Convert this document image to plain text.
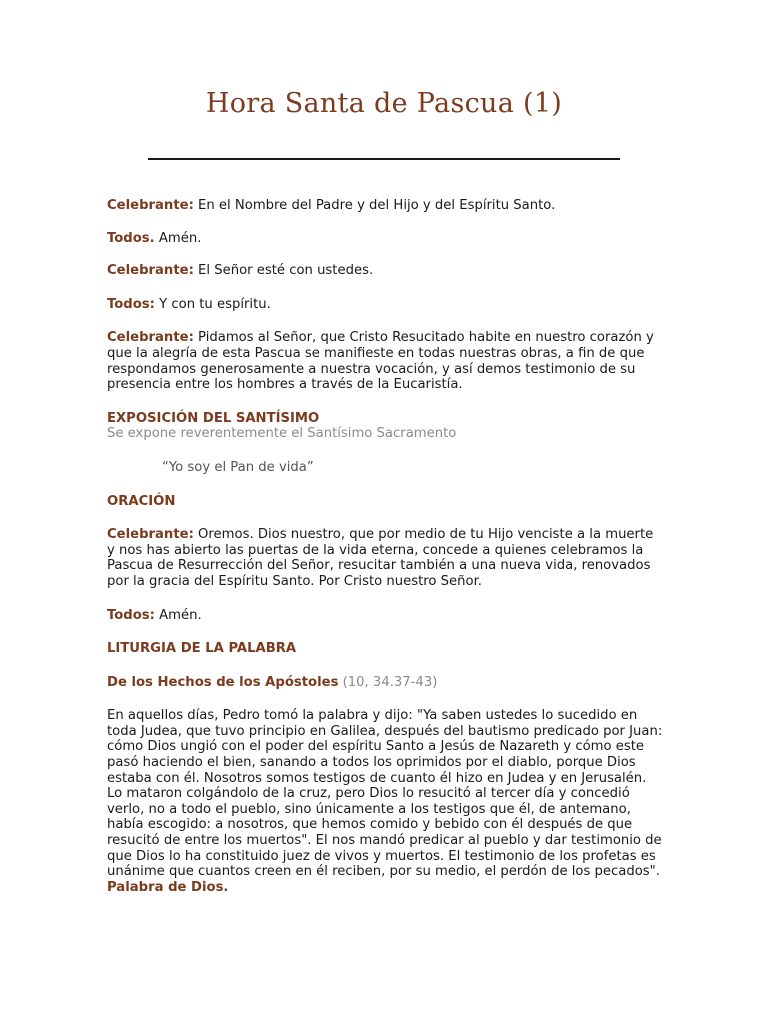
Hora Santa de Pascua (1)

Celebrante: En el Nombre del Padre y del Hijo y del Espíritu Santo.

Todos. Amén.

Celebrante: El Señor esté con ustedes.

Todos: Y con tu espíritu.

Celebrante: Pidamos al Señor, que Cristo Resucitado habite en nuestro corazón y que la alegría de esta Pascua se manifieste en todas nuestras obras, a fin de que respondamos generosamente a nuestra vocación, y así demos testimonio de su presencia entre los hombres a través de la Eucaristía.

EXPOSICIÓN DEL SANTÍSIMO

Se expone reverentemente el Santísimo Sacramento

“Yo soy el Pan de vida”

ORACIÓN

Celebrante: Oremos. Dios nuestro, que por medio de tu Hijo venciste a la muerte y nos has abierto las puertas de la vida eterna, concede a quienes celebramos la Pascua de Resurrección del Señor, resucitar también a una nueva vida, renovados por la gracia del Espíritu Santo. Por Cristo nuestro Señor.

Todos: Amén.

LITURGIA DE LA PALABRA

De los Hechos de los Apóstoles (10, 34.37-43)

En aquellos días, Pedro tomó la palabra y dijo: "Ya saben ustedes lo sucedido en toda Judea, que tuvo principio en Galilea, después del bautismo predicado por Juan: cómo Dios ungió con el poder del espíritu Santo a Jesús de Nazareth y cómo este pasó haciendo el bien, sanando a todos los oprimidos por el diablo, porque Dios estaba con él. Nosotros somos testigos de cuanto él hizo en Judea y en Jerusalén. Lo mataron colgándolo de la cruz, pero Dios lo resucitó al tercer día y concedió verlo, no a todo el pueblo, sino únicamente a los testigos que él, de antemano, había escogido: a nosotros, que hemos comido y bebido con él después de que resucitó de entre los muertos". El nos mandó predicar al pueblo y dar testimonio de que Dios lo ha constituido juez de vivos y muertos. El testimonio de los profetas es unánime que cuantos creen en él reciben, por su medio, el perdón de los pecados". Palabra de Dios.
